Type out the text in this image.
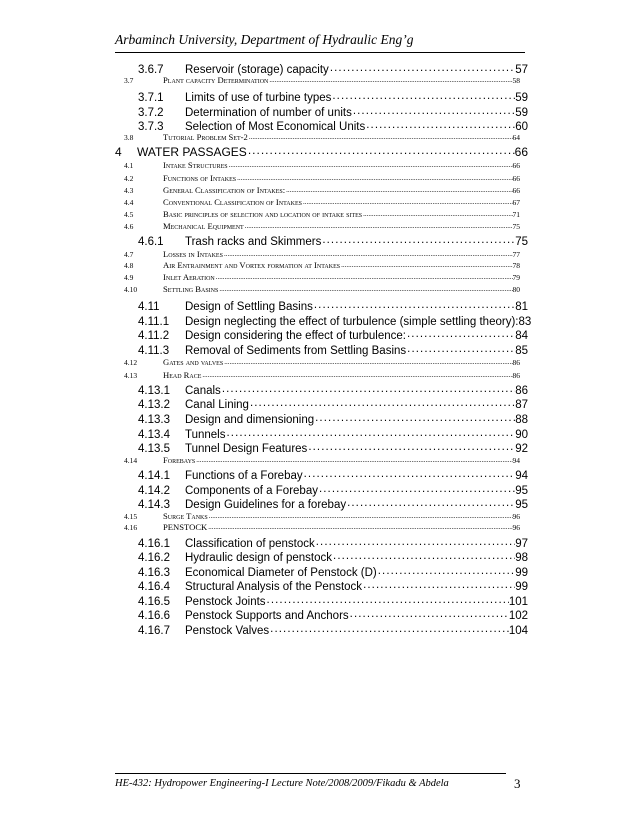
Arbaminch University, Department of Hydraulic Eng’g
3.6.7	Reservoir (storage) capacity .....	57
3.7	Plant capacity Determination .....	58
3.7.1	Limits of use of turbine types .....	59
3.7.2	Determination of number of units .....	59
3.7.3	Selection of Most Economical Units .....	60
3.8	Tutorial Problem Set-2 .....	64
4	WATER PASSAGES .....	66
4.1	Intake Structures .....	66
4.2	Functions of Intakes .....	66
4.3	General Classification of Intakes: .....	66
4.4	Conventional Classification of Intakes .....	67
4.5	Basic principles of selection and location of intake sites .....	71
4.6	Mechanical Equipment .....	75
4.6.1	Trash racks and Skimmers .....	75
4.7	Losses in Intakes .....	77
4.8	Air Entrainment and Vortex formation at Intakes .....	78
4.9	Inlet Aeration .....	79
4.10	Settling Basins .....	80
4.11	Design of Settling Basins .....	81
4.11.1	Design neglecting the effect of turbulence (simple settling theory): 83
4.11.2	Design considering the effect of turbulence: .....	84
4.11.3	Removal of Sediments from Settling Basins .....	85
4.12	Gates and valves .....	86
4.13	Head Race .....	86
4.13.1	Canals .....	86
4.13.2	Canal Lining .....	87
4.13.3	Design and dimensioning .....	88
4.13.4	Tunnels .....	90
4.13.5	Tunnel Design Features .....	92
4.14	Forebays .....	94
4.14.1	Functions of a Forebay .....	94
4.14.2	Components of a Forebay .....	95
4.14.3	Design Guidelines for a forebay .....	95
4.15	Surge Tanks .....	96
4.16	PENSTOCK .....	96
4.16.1	Classification of penstock .....	97
4.16.2	Hydraulic design of penstock .....	98
4.16.3	Economical Diameter of Penstock (D) .....	99
4.16.4	Structural Analysis of the Penstock .....	99
4.16.5	Penstock Joints .....	101
4.16.6	Penstock Supports and Anchors .....	102
4.16.7	Penstock Valves .....	104
HE-432: Hydropower Engineering-I Lecture Note/2008/2009/Fikadu & Abdela	3
